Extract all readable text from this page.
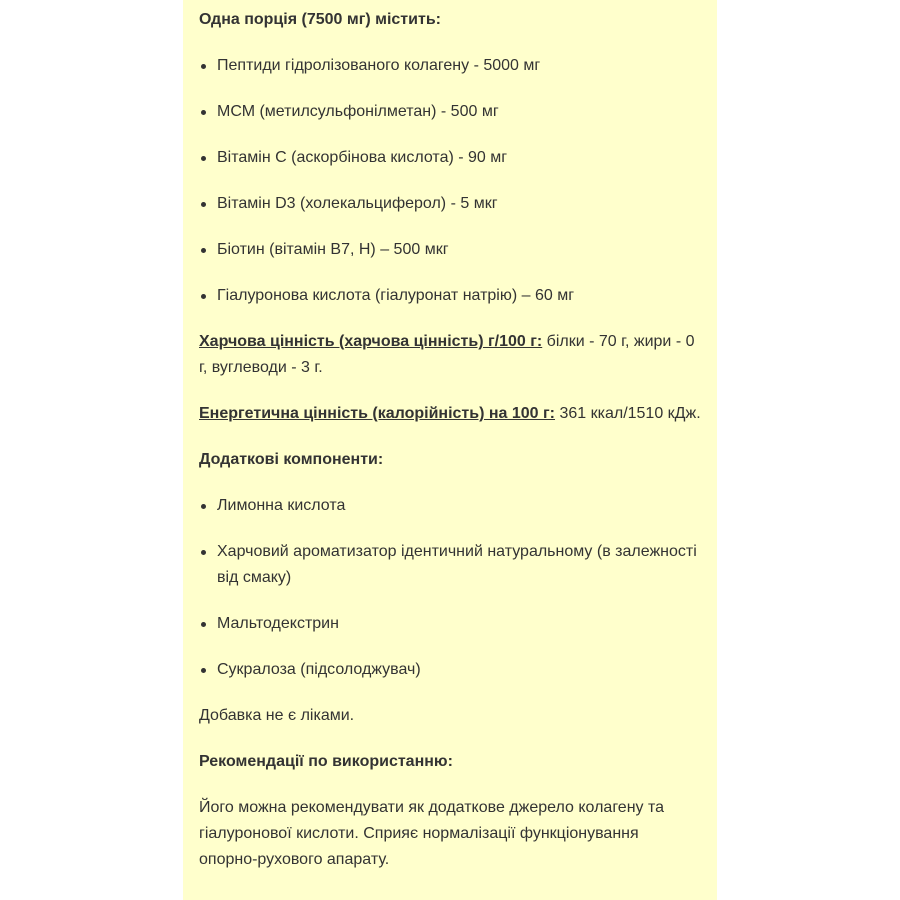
Одна порція (7500 мг) містить:
Пептиди гідролізованого колагену - 5000 мг
МСМ (метилсульфонілметан) - 500 мг
Вітамін С (аскорбінова кислота) - 90 мг
Вітамін D3 (холекальциферол) - 5 мкг
Біотин (вітамін В7, Н) – 500 мкг
Гіалуронова кислота (гіалуронат натрію) – 60 мг
Харчова цінність (харчова цінність) г/100 г: білки - 70 г, жири - 0 г, вуглеводи - 3 г.
Енергетична цінність (калорійність) на 100 г: 361 ккал/1510 кДж.
Додаткові компоненти:
Лимонна кислота
Харчовий ароматизатор ідентичний натуральному (в залежності від смаку)
Мальтодекстрин
Сукралоза (підсолоджувач)
Добавка не є ліками.
Рекомендації по використанню:
Його можна рекомендувати як додаткове джерело колагену та гіалуронової кислоти. Сприяє нормалізації функціонування опорно-рухового апарату.
